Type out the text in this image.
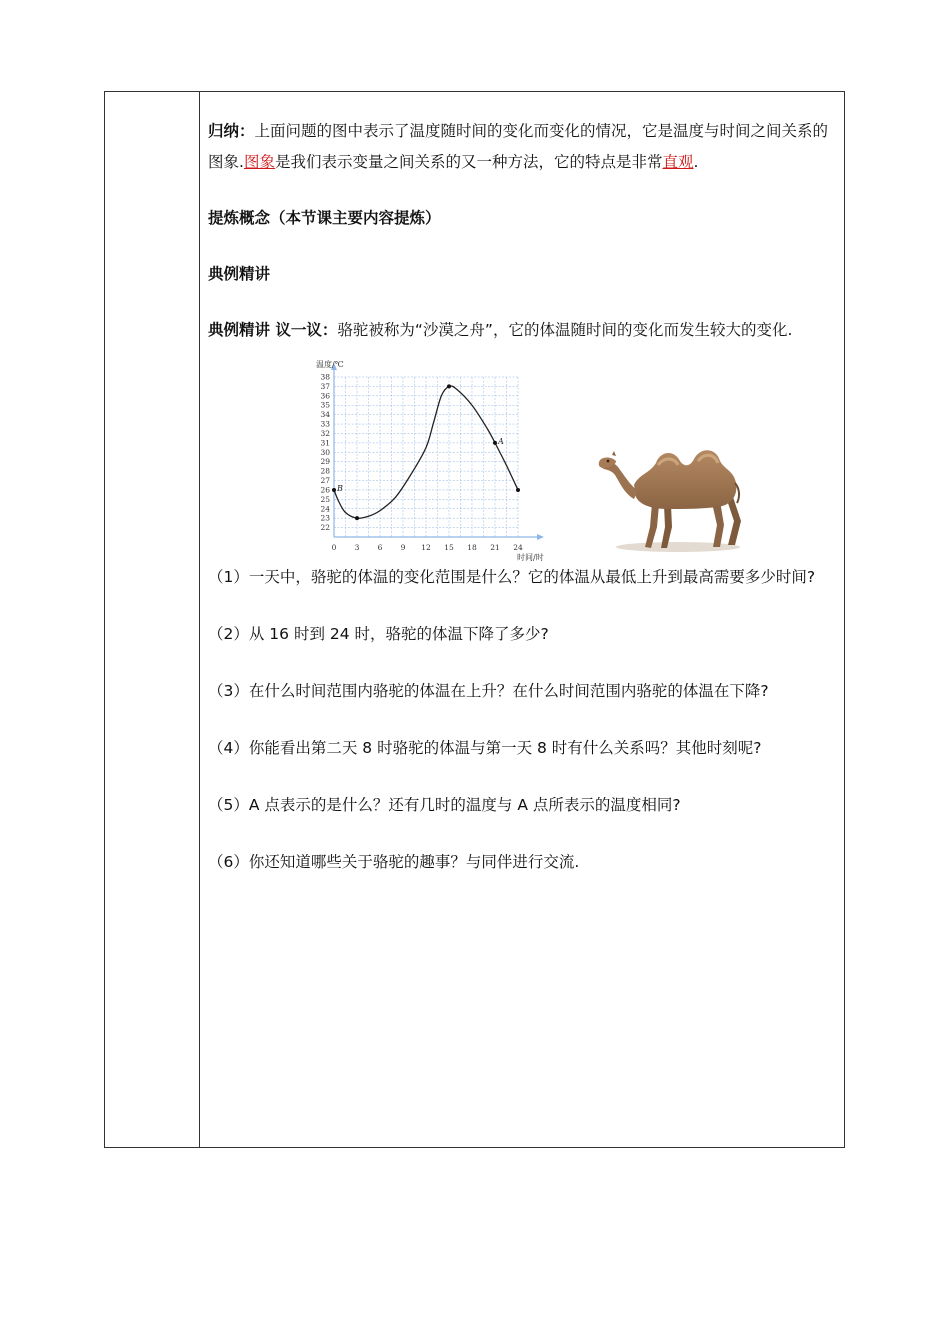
归纳：上面问题的图中表示了温度随时间的变化而变化的情况，它是温度与时间之间关系的图象.图象是我们表示变量之间关系的又一种方法，它的特点是非常直观.

提炼概念（本节课主要内容提炼）

典例精讲

典例精讲 议一议：骆驼被称为“沙漠之舟”，它的体温随时间的变化而发生较大的变化.

0 3 6 9 12 15 18 21 24
22
23
24
25
26
27
28
29
30
31
32
33
34
35
36
37
38
B
A
温度/℃
时间/时

（1）一天中，骆驼的体温的变化范围是什么？它的体温从最低上升到最高需要多少时间?

（2）从 16 时到 24 时，骆驼的体温下降了多少?

（3）在什么时间范围内骆驼的体温在上升？在什么时间范围内骆驼的体温在下降?

（4）你能看出第二天 8 时骆驼的体温与第一天 8 时有什么关系吗？其他时刻呢?

（5）A 点表示的是什么？还有几时的温度与 A 点所表示的温度相同?

（6）你还知道哪些关于骆驼的趣事？与同伴进行交流.
